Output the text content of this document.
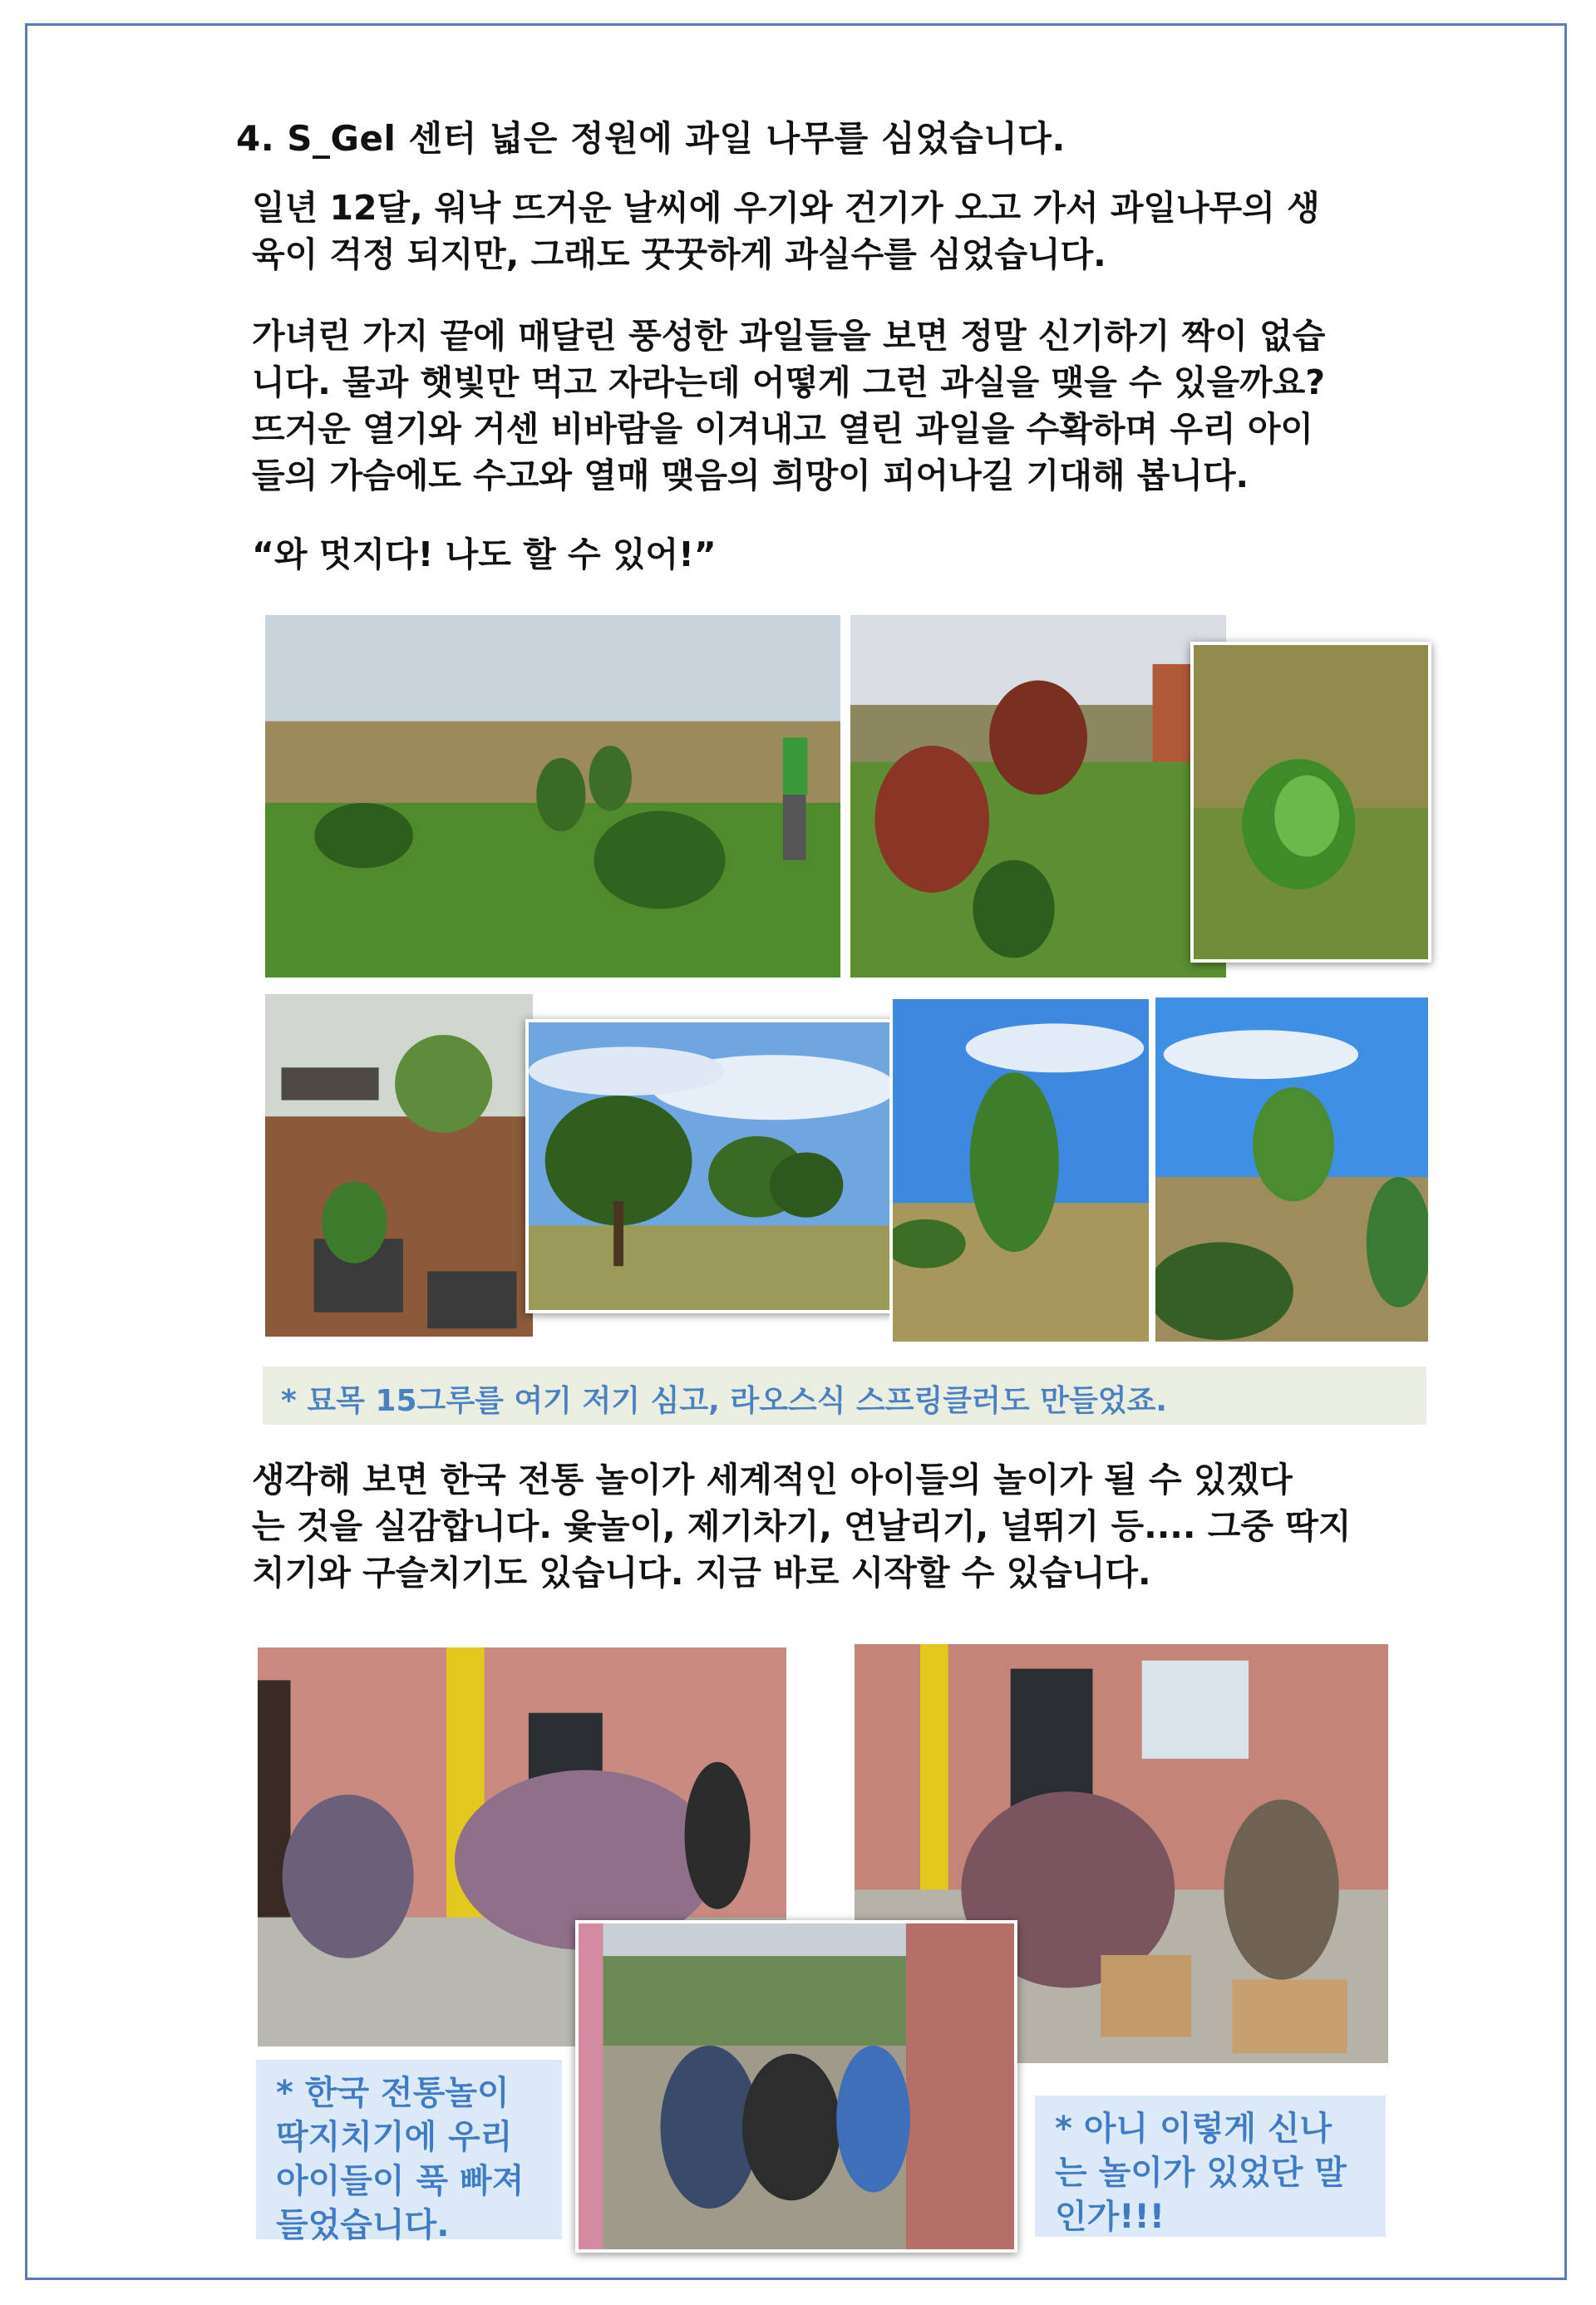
4. S_Gel 센터 넓은 정원에 과일 나무를 심었습니다.

일년 12달, 워낙 뜨거운 날씨에 우기와 건기가 오고 가서 과일나무의 생
육이 걱정 되지만, 그래도 꿋꿋하게 과실수를 심었습니다.

가녀린 가지 끝에 매달린 풍성한 과일들을 보면 정말 신기하기 짝이 없습
니다. 물과 햇빛만 먹고 자라는데 어떻게 그런 과실을 맺을 수 있을까요?
뜨거운 열기와 거센 비바람을 이겨내고 열린 과일을 수확하며 우리 아이
들의 가슴에도 수고와 열매 맺음의 희망이 피어나길 기대해 봅니다.

“와 멋지다! 나도 할 수 있어!”

* 묘목 15그루를 여기 저기 심고, 라오스식 스프링클러도 만들었죠.

생각해 보면 한국 전통 놀이가 세계적인 아이들의 놀이가 될 수 있겠다
는 것을 실감합니다. 윷놀이, 제기차기, 연날리기, 널뛰기 등.... 그중 딱지
치기와 구슬치기도 있습니다. 지금 바로 시작할 수 있습니다.

* 한국 전통놀이
딱지치기에 우리
아이들이 푹 빠져
들었습니다.
* 아니 이렇게 신나
는 놀이가 있었단 말
인가!!!
